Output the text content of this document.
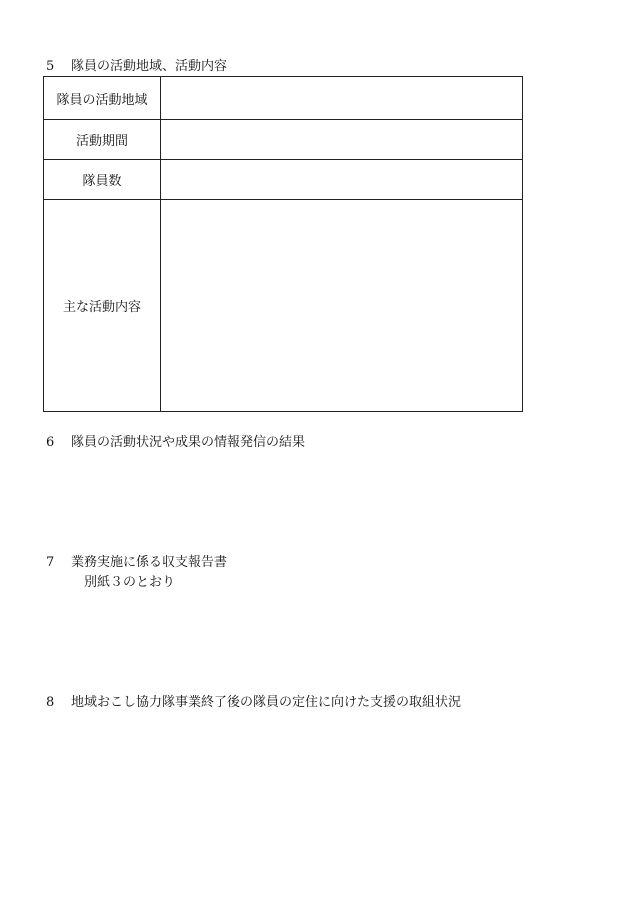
5 隊員の活動地域、活動内容
隊員の活動地域	
活動期間	
隊員数	
主な活動内容	
6 隊員の活動状況や成果の情報発信の結果
7 業務実施に係る収支報告書
別紙３のとおり
8 地域おこし協力隊事業終了後の隊員の定住に向けた支援の取組状況
